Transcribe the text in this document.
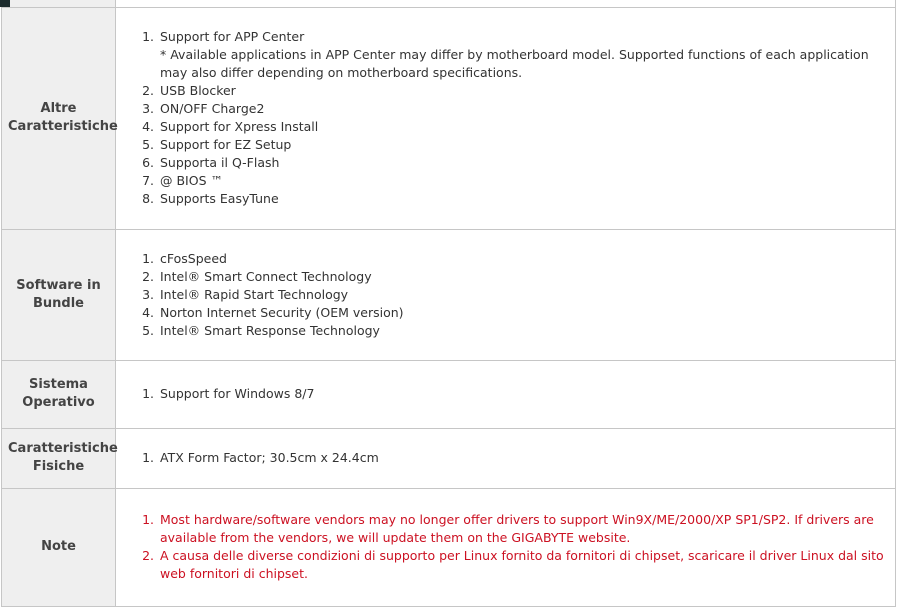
Altre Caratteristiche	
1. Support for APP Center
* Available applications in APP Center may differ by motherboard model. Supported functions of each application may also differ depending on motherboard specifications.
2. USB Blocker
3. ON/OFF Charge2
4. Support for Xpress Install
5. Support for EZ Setup
6. Supporta il Q-Flash
7. @ BIOS ™
8. Supports EasyTune

Software in Bundle	
1. cFosSpeed
2. Intel® Smart Connect Technology
3. Intel® Rapid Start Technology
4. Norton Internet Security (OEM version)
5. Intel® Smart Response Technology

Sistema Operativo	
1. Support for Windows 8/7

Caratteristiche Fisiche	
1. ATX Form Factor; 30.5cm x 24.4cm

Note	
1. Most hardware/software vendors may no longer offer drivers to support Win9X/ME/2000/XP SP1/SP2. If drivers are available from the vendors, we will update them on the GIGABYTE website.
2. A causa delle diverse condizioni di supporto per Linux fornito da fornitori di chipset, scaricare il driver Linux dal sito web fornitori di chipset.
